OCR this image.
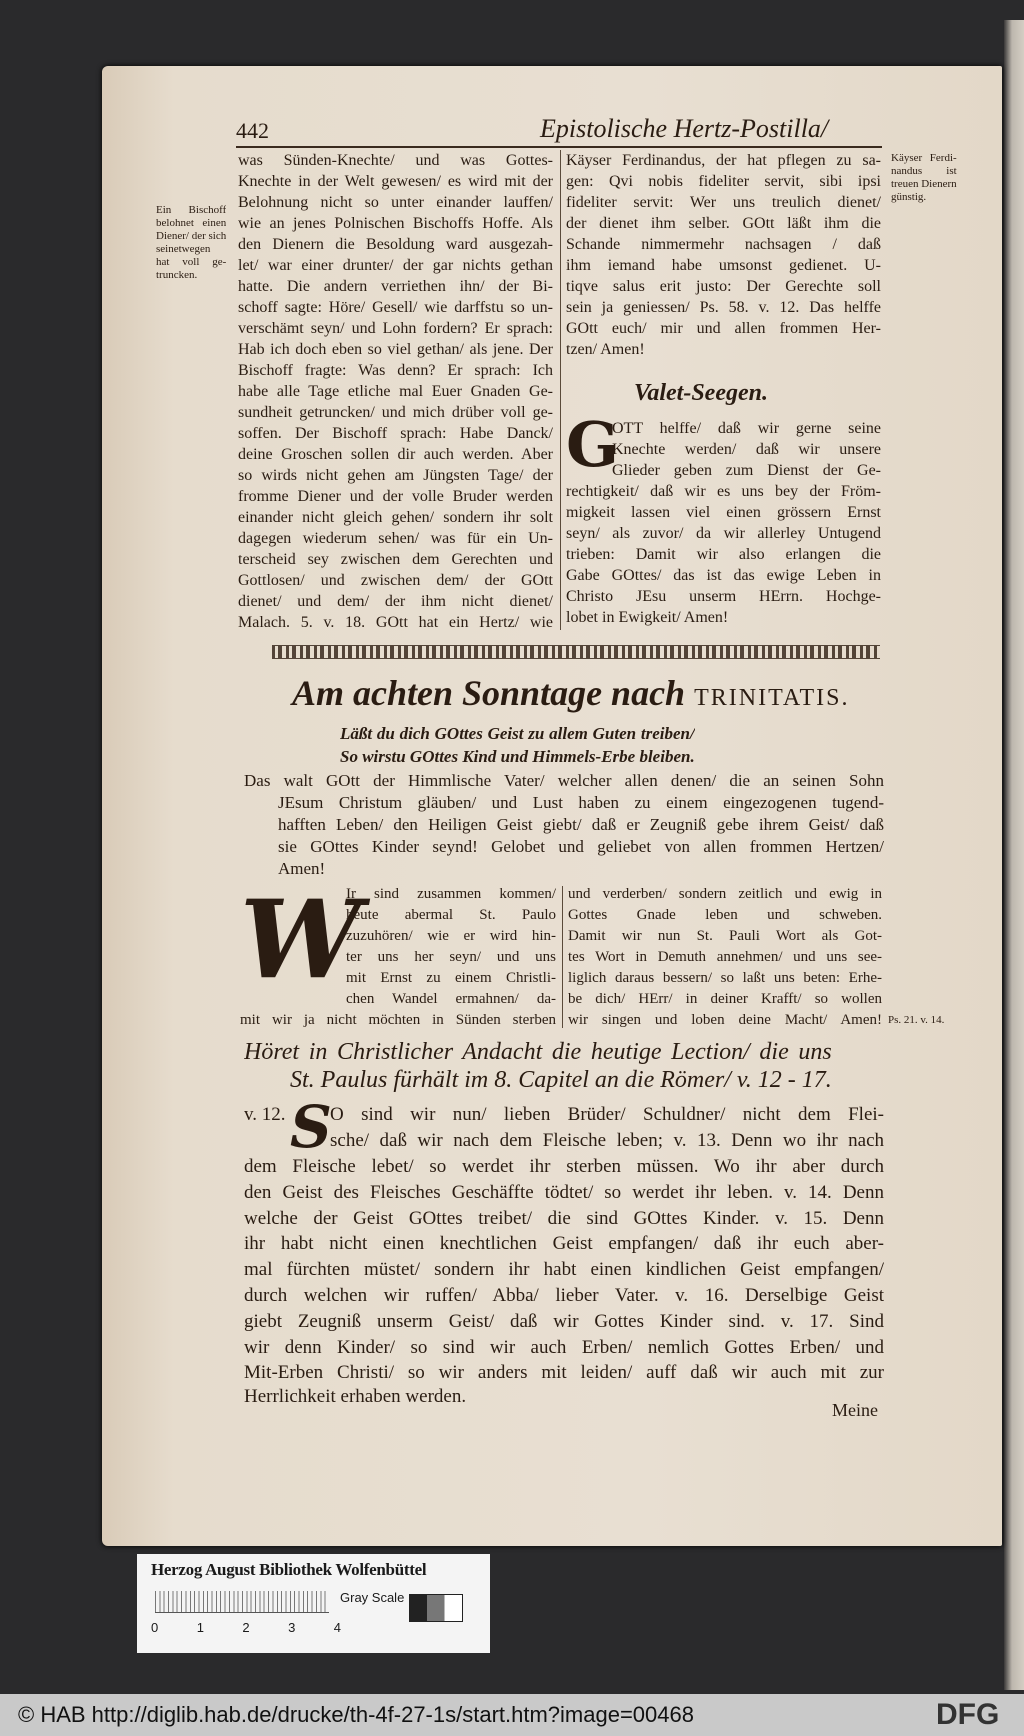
442	Epistolische Hertz-Postilla/
was Sünden-Knechte/ und was Gottes-
Knechte in der Welt gewesen/ es wird mit der
Belohnung nicht so unter einander lauffen/
wie an jenes Polnischen Bischoffs Hoffe. Als
den Dienern die Besoldung ward ausgezah-
let/ war einer drunter/ der gar nichts gethan
hatte. Die andern verriethen ihn/ der Bi-
schoff sagte: Höre/ Gesell/ wie darffstu so un-
verschämt seyn/ und Lohn fordern? Er sprach:
Hab ich doch eben so viel gethan/ als jene. Der
Bischoff fragte: Was denn? Er sprach: Ich
habe alle Tage etliche mal Euer Gnaden Ge-
sundheit getruncken/ und mich drüber voll ge-
soffen. Der Bischoff sprach: Habe Danck/
deine Groschen sollen dir auch werden. Aber
so wirds nicht gehen am Jüngsten Tage/ der
fromme Diener und der volle Bruder werden
einander nicht gleich gehen/ sondern ihr solt
dagegen wiederum sehen/ was für ein Un-
terscheid sey zwischen dem Gerechten und
Gottlosen/ und zwischen dem/ der GOtt
dienet/ und dem/ der ihm nicht dienet/
Malach. 5. v. 18. GOtt hat ein Hertz/ wie
Käyser Ferdinandus, der hat pflegen zu sa-
gen: Qvi nobis fideliter servit, sibi ipsi
fideliter servit: Wer uns treulich dienet/
der dienet ihm selber. GOtt läßt ihm die
Schande nimmermehr nachsagen / daß
ihm iemand habe umsonst gedienet. U-
tiqve salus erit justo: Der Gerechte soll
sein ja geniessen/ Ps. 58. v. 12. Das helffe
GOtt euch/ mir und allen frommen Her-
tzen/ Amen!
Valet-Seegen.
G
OTT helffe/ daß wir gerne seine
Knechte werden/ daß wir unsere
Glieder geben zum Dienst der Ge-
rechtigkeit/ daß wir es uns bey der Fröm-
migkeit lassen viel einen grössern Ernst
seyn/ als zuvor/ da wir allerley Untugend
trieben: Damit wir also erlangen die
Gabe GOttes/ das ist das ewige Leben in
Christo JEsu unserm HErrn. Hochge-
lobet in Ewigkeit/ Amen!
Ein Bischoff
belohnet einen
Diener/ der sich
seinetwegen
hat voll ge-
truncken.
Käyser Ferdi-
nandus ist
treuen Dienern
günstig.
Am achten Sonntage nach TRINITATIS.
Läßt du dich GOttes Geist zu allem Guten treiben/
So wirstu GOttes Kind und Himmels-Erbe bleiben.
Das walt GOtt der Himmlische Vater/ welcher allen denen/ die an seinen Sohn
JEsum Christum gläuben/ und Lust haben zu einem eingezogenen tugend-
hafften Leben/ den Heiligen Geist giebt/ daß er Zeugniß gebe ihrem Geist/ daß
sie GOttes Kinder seynd! Gelobet und geliebet von allen frommen Hertzen/
Amen!
W
Ir sind zusammen kommen/
heute abermal St. Paulo
zuzuhören/ wie er wird hin-
ter uns her seyn/ und uns
mit Ernst zu einem Christli-
chen Wandel ermahnen/ da-
mit wir ja nicht möchten in Sünden sterben
und verderben/ sondern zeitlich und ewig in
Gottes Gnade leben und schweben.
Damit wir nun St. Pauli Wort als Got-
tes Wort in Demuth annehmen/ und uns see-
liglich daraus bessern/ so laßt uns beten: Erhe-
be dich/ HErr/ in deiner Krafft/ so wollen
wir singen und loben deine Macht/ Amen! Ps. 21. v. 14.
Höret in Christlicher Andacht die heutige Lection/ die uns
St. Paulus fürhält im 8. Capitel an die Römer/ v. 12 - 17.
v. 12. S
O sind wir nun/ lieben Brüder/ Schuldner/ nicht dem Flei-
sche/ daß wir nach dem Fleische leben; v. 13. Denn wo ihr nach
dem Fleische lebet/ so werdet ihr sterben müssen. Wo ihr aber durch
den Geist des Fleisches Geschäffte tödtet/ so werdet ihr leben. v. 14. Denn
welche der Geist GOttes treibet/ die sind GOttes Kinder. v. 15. Denn
ihr habt nicht einen knechtlichen Geist empfangen/ daß ihr euch aber-
mal fürchten müstet/ sondern ihr habt einen kindlichen Geist empfangen/
durch welchen wir ruffen/ Abba/ lieber Vater. v. 16. Derselbige Geist
giebt Zeugniß unserm Geist/ daß wir Gottes Kinder sind. v. 17. Sind
wir denn Kinder/ so sind wir auch Erben/ nemlich Gottes Erben/ und
Mit-Erben Christi/ so wir anders mit leiden/ auff daß wir auch mit zur
Herrlichkeit erhaben werden.
Meine
Herzog August Bibliothek Wolfenbüttel
0	1	2	3	4
Gray Scale
© HAB http://diglib.hab.de/drucke/th-4f-27-1s/start.htm?image=00468	DFG
